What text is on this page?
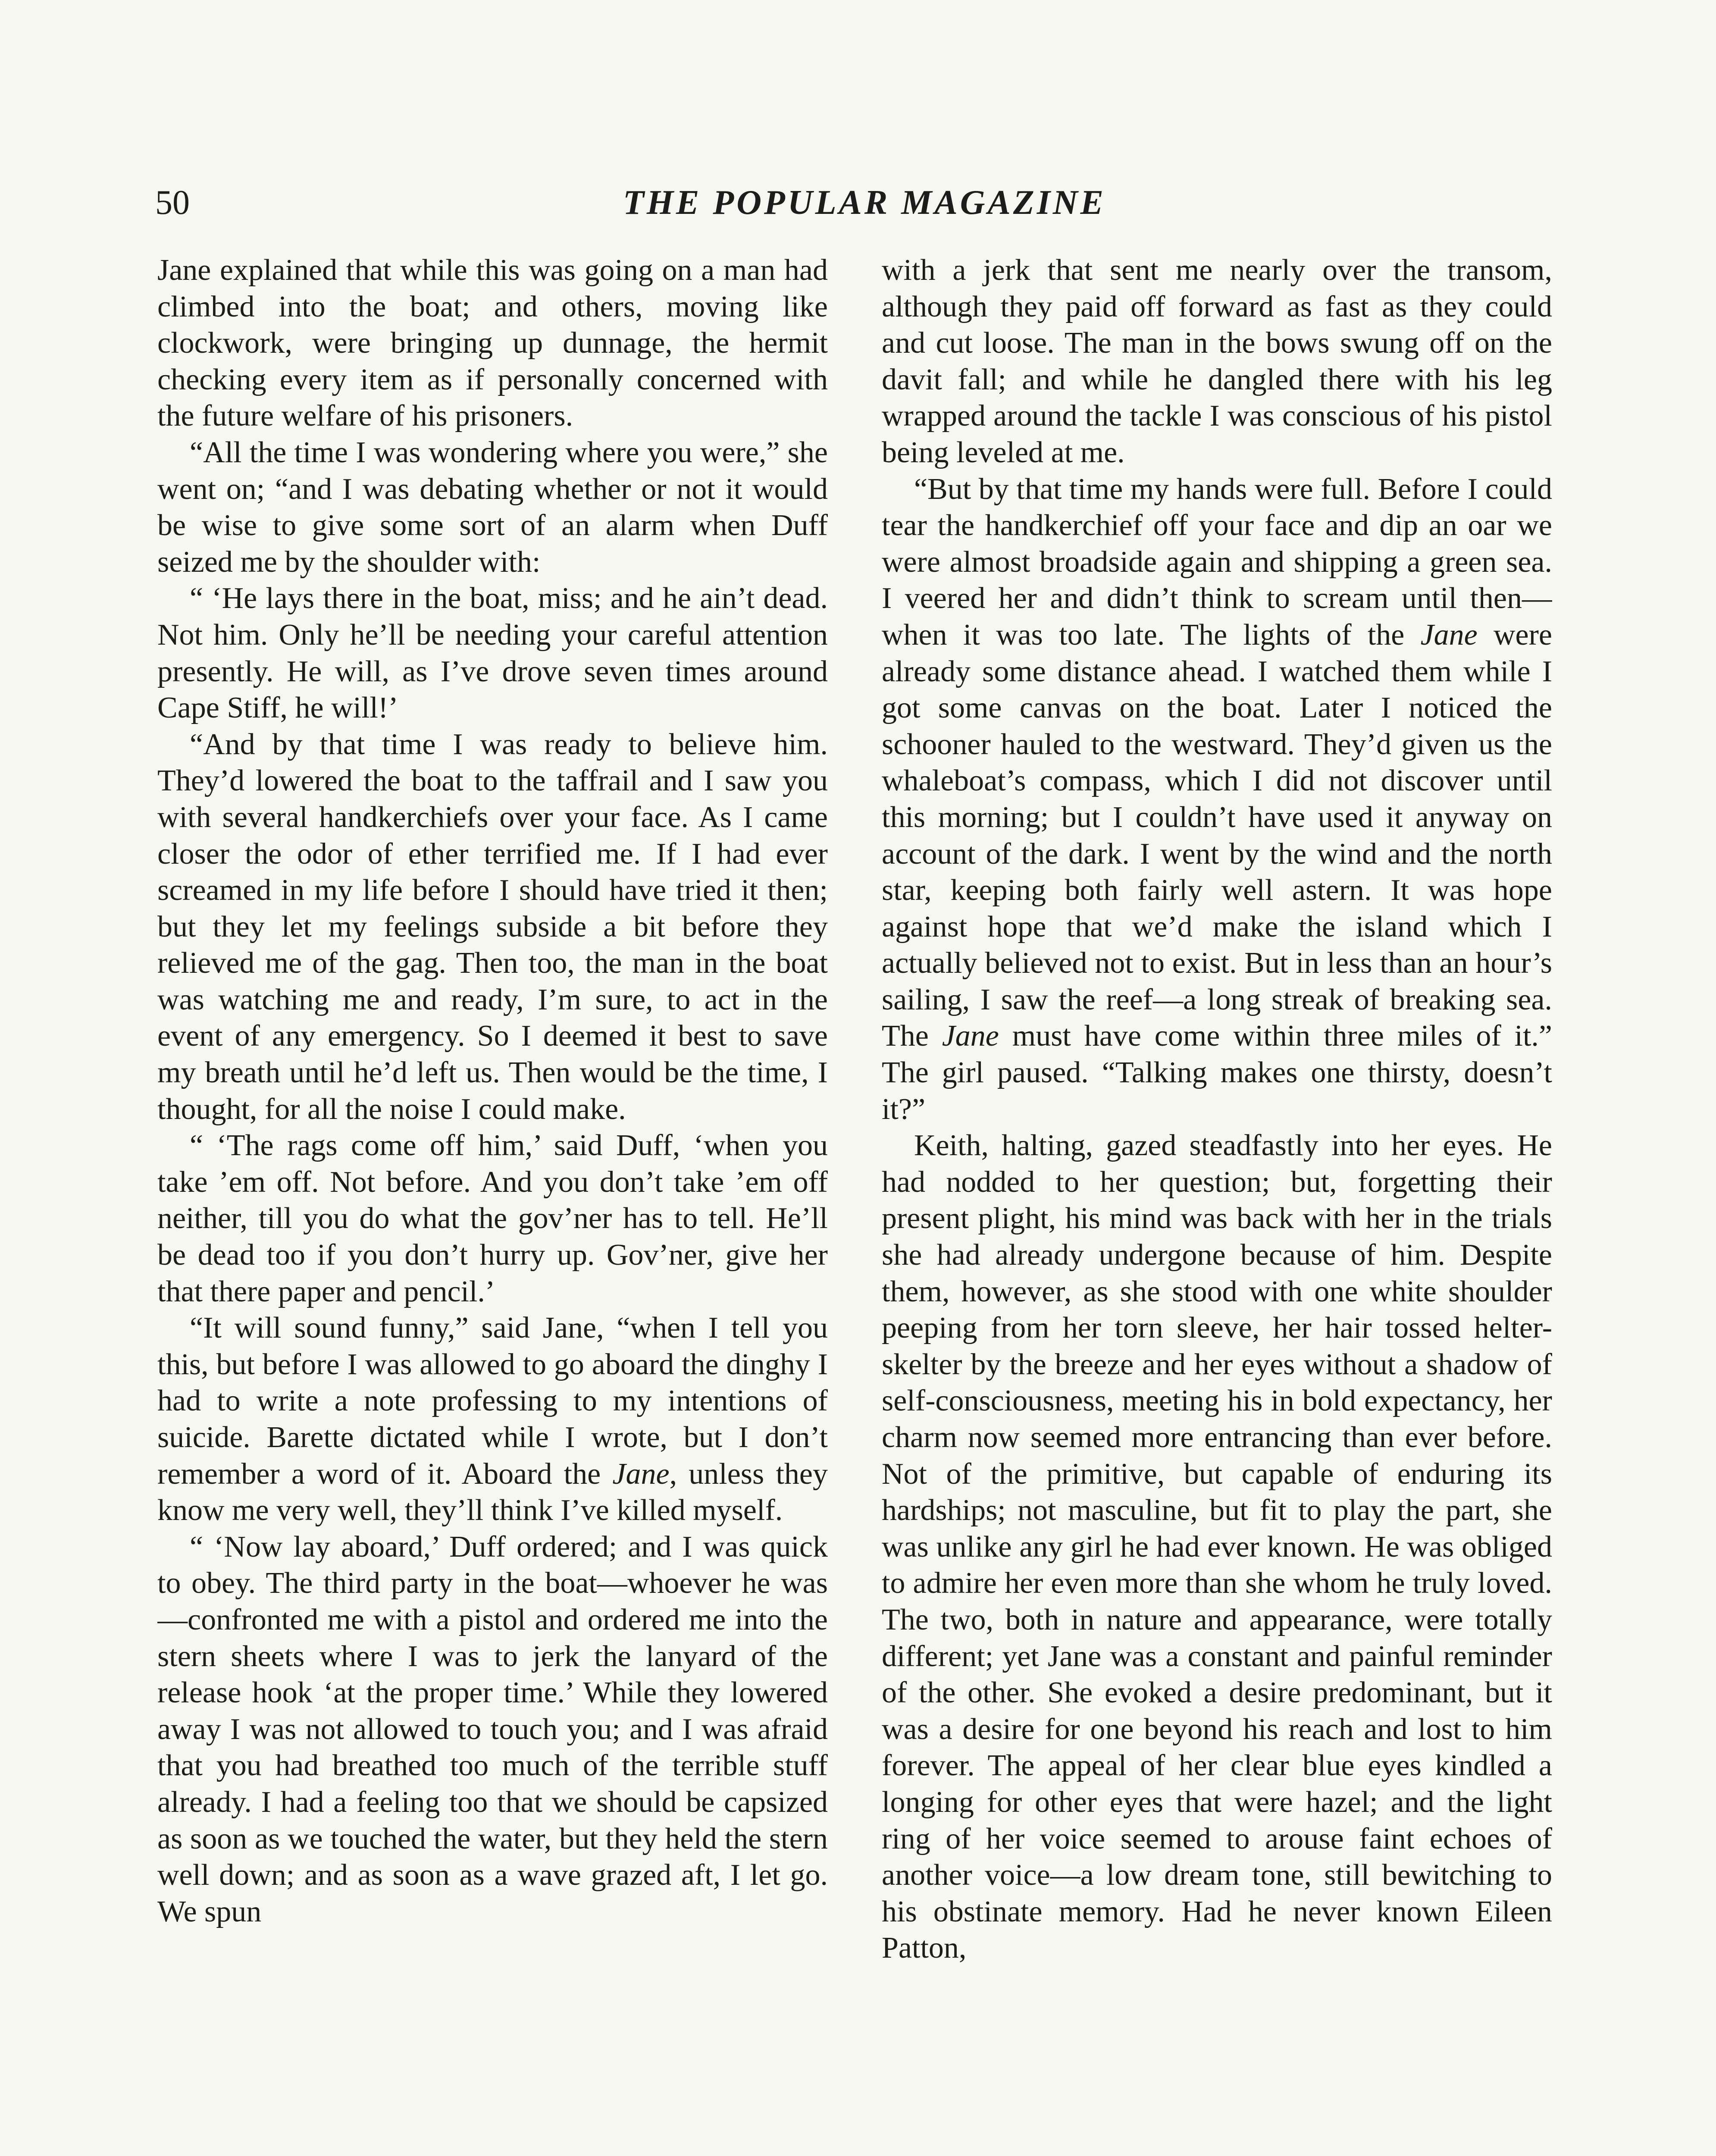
50	THE POPULAR MAGAZINE

Jane explained that while this was going on a man had climbed into the boat; and others, moving like clockwork, were bringing up dunnage, the hermit checking every item as if personally concerned with the future welfare of his prisoners.

“All the time I was wondering where you were,” she went on; “and I was debating whether or not it would be wise to give some sort of an alarm when Duff seized me by the shoulder with:

“ ‘He lays there in the boat, miss; and he ain’t dead. Not him. Only he’ll be needing your careful attention presently. He will, as I’ve drove seven times around Cape Stiff, he will!’

“And by that time I was ready to believe him. They’d lowered the boat to the taffrail and I saw you with several handkerchiefs over your face. As I came closer the odor of ether terrified me. If I had ever screamed in my life before I should have tried it then; but they let my feelings subside a bit before they relieved me of the gag. Then too, the man in the boat was watching me and ready, I’m sure, to act in the event of any emergency. So I deemed it best to save my breath until he’d left us. Then would be the time, I thought, for all the noise I could make.

“ ‘The rags come off him,’ said Duff, ‘when you take ’em off. Not before. And you don’t take ’em off neither, till you do what the gov’ner has to tell. He’ll be dead too if you don’t hurry up. Gov’ner, give her that there paper and pencil.’

“It will sound funny,” said Jane, “when I tell you this, but before I was allowed to go aboard the dinghy I had to write a note professing to my intentions of suicide. Barette dictated while I wrote, but I don’t remember a word of it. Aboard the Jane, unless they know me very well, they’ll think I’ve killed myself.

“ ‘Now lay aboard,’ Duff ordered; and I was quick to obey. The third party in the boat—whoever he was—confronted me with a pistol and ordered me into the stern sheets where I was to jerk the lanyard of the release hook ‘at the proper time.’ While they lowered away I was not allowed to touch you; and I was afraid that you had breathed too much of the terrible stuff already. I had a feeling too that we should be capsized as soon as we touched the water, but they held the stern well down; and as soon as a wave grazed aft, I let go. We spun

with a jerk that sent me nearly over the transom, although they paid off forward as fast as they could and cut loose. The man in the bows swung off on the davit fall; and while he dangled there with his leg wrapped around the tackle I was conscious of his pistol being leveled at me.

“But by that time my hands were full. Before I could tear the handkerchief off your face and dip an oar we were almost broadside again and shipping a green sea. I veered her and didn’t think to scream until then—when it was too late. The lights of the Jane were already some distance ahead. I watched them while I got some canvas on the boat. Later I noticed the schooner hauled to the westward. They’d given us the whaleboat’s compass, which I did not discover until this morning; but I couldn’t have used it anyway on account of the dark. I went by the wind and the north star, keeping both fairly well astern. It was hope against hope that we’d make the island which I actually believed not to exist. But in less than an hour’s sailing, I saw the reef—a long streak of breaking sea. The Jane must have come within three miles of it.” The girl paused. “Talking makes one thirsty, doesn’t it?”

Keith, halting, gazed steadfastly into her eyes. He had nodded to her question; but, forgetting their present plight, his mind was back with her in the trials she had already undergone because of him. Despite them, however, as she stood with one white shoulder peeping from her torn sleeve, her hair tossed helter-skelter by the breeze and her eyes without a shadow of self-consciousness, meeting his in bold expectancy, her charm now seemed more entrancing than ever before. Not of the primitive, but capable of enduring its hardships; not masculine, but fit to play the part, she was unlike any girl he had ever known. He was obliged to admire her even more than she whom he truly loved. The two, both in nature and appearance, were totally different; yet Jane was a constant and painful reminder of the other. She evoked a desire predominant, but it was a desire for one beyond his reach and lost to him forever. The appeal of her clear blue eyes kindled a longing for other eyes that were hazel; and the light ring of her voice seemed to arouse faint echoes of another voice—a low dream tone, still bewitching to his obstinate memory. Had he never known Eileen Patton,
